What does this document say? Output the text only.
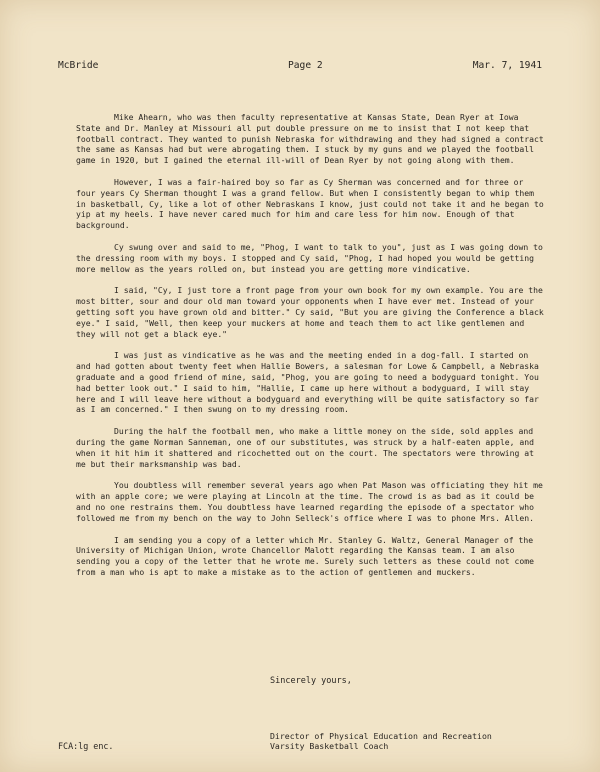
McBride	Page 2	Mar. 7, 1941

Mike Ahearn, who was then faculty representative at Kansas State, Dean Ryer at Iowa State and Dr. Manley at Missouri all put double pressure on me to insist that I not keep that football contract. They wanted to punish Nebraska for withdrawing and they had signed a contract the same as Kansas had but were abrogating them. I stuck by my guns and we played the football game in 1920, but I gained the eternal ill-will of Dean Ryer by not going along with them.

However, I was a fair-haired boy so far as Cy Sherman was concerned and for three or four years Cy Sherman thought I was a grand fellow. But when I consistently began to whip them in basketball, Cy, like a lot of other Nebraskans I know, just could not take it and he began to yip at my heels. I have never cared much for him and care less for him now. Enough of that background.

Cy swung over and said to me, "Phog, I want to talk to you", just as I was going down to the dressing room with my boys. I stopped and Cy said, "Phog, I had hoped you would be getting more mellow as the years rolled on, but instead you are getting more vindicative.

I said, "Cy, I just tore a front page from your own book for my own example. You are the most bitter, sour and dour old man toward your opponents when I have ever met. Instead of your getting soft you have grown old and bitter." Cy said, "But you are giving the Conference a black eye." I said, "Well, then keep your muckers at home and teach them to act like gentlemen and they will not get a black eye."

I was just as vindicative as he was and the meeting ended in a dog-fall. I started on and had gotten about twenty feet when Hallie Bowers, a salesman for Lowe & Campbell, a Nebraska graduate and a good friend of mine, said, "Phog, you are going to need a bodyguard tonight. You had better look out." I said to him, "Hallie, I came up here without a bodyguard, I will stay here and I will leave here without a bodyguard and everything will be quite satisfactory so far as I am concerned." I then swung on to my dressing room.

During the half the football men, who make a little money on the side, sold apples and during the game Norman Sanneman, one of our substitutes, was struck by a half-eaten apple, and when it hit him it shattered and ricochetted out on the court. The spectators were throwing at me but their marksmanship was bad.

You doubtless will remember several years ago when Pat Mason was officiating they hit me with an apple core; we were playing at Lincoln at the time. The crowd is as bad as it could be and no one restrains them. You doubtless have learned regarding the episode of a spectator who followed me from my bench on the way to John Selleck's office where I was to phone Mrs. Allen.

I am sending you a copy of a letter which Mr. Stanley G. Waltz, General Manager of the University of Michigan Union, wrote Chancellor Malott regarding the Kansas team. I am also sending you a copy of the letter that he wrote me. Surely such letters as these could not come from a man who is apt to make a mistake as to the action of gentlemen and muckers.

Sincerely yours,
Director of Physical Education and Recreation
Varsity Basketball Coach
FCA:lg enc.
